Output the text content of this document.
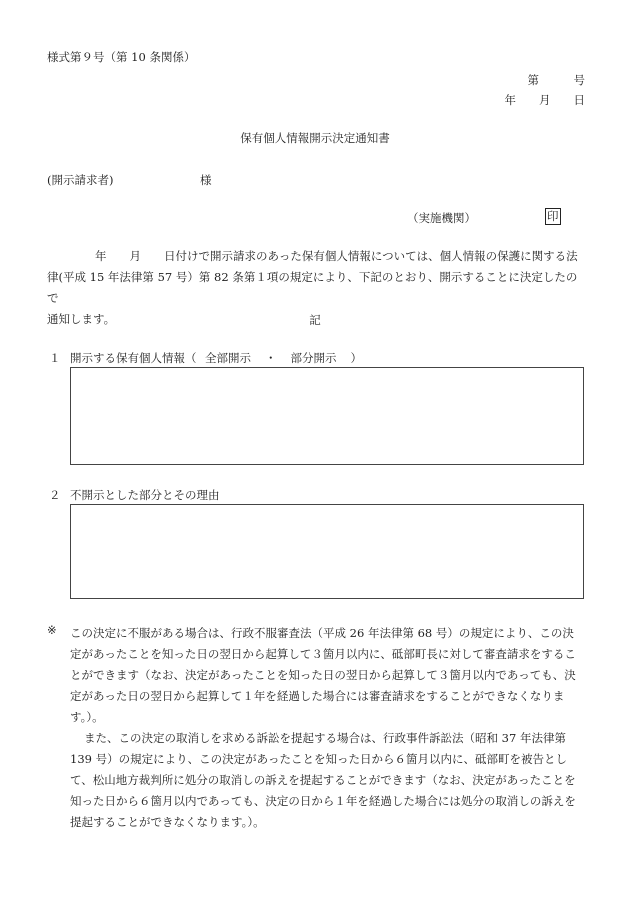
様式第９号（第 10 条関係）
第　　　号
年　　月　　日
保有個人情報開示決定通知書
(開示請求者)	様
（実施機関）	印
年　　月　　日付けで開示請求のあった保有個人情報については、個人情報の保護に関する法
律(平成 15 年法律第 57 号）第 82 条第１項の規定により、下記のとおり、開示することに決定したので
通知します。	記
１ 開示する保有個人情報（ 全部開示 ・ 部分開示 ）
２ 不開示とした部分とその理由
※ この決定に不服がある場合は、行政不服審査法（平成 26 年法律第 68 号）の規定により、この決定があったことを知った日の翌日から起算して３箇月以内に、砥部町長に対して審査請求をすることができます（なお、決定があったことを知った日の翌日から起算して３箇月以内であっても、決定があった日の翌日から起算して１年を経過した場合には審査請求をすることができなくなります。）。

また、この決定の取消しを求める訴訟を提起する場合は、行政事件訴訟法（昭和 37 年法律第 139 号）の規定により、この決定があったことを知った日から６箇月以内に、砥部町を被告として、松山地方裁判所に処分の取消しの訴えを提起することができます（なお、決定があったことを知った日から６箇月以内であっても、決定の日から１年を経過した場合には処分の取消しの訴えを提起することができなくなります。）。
